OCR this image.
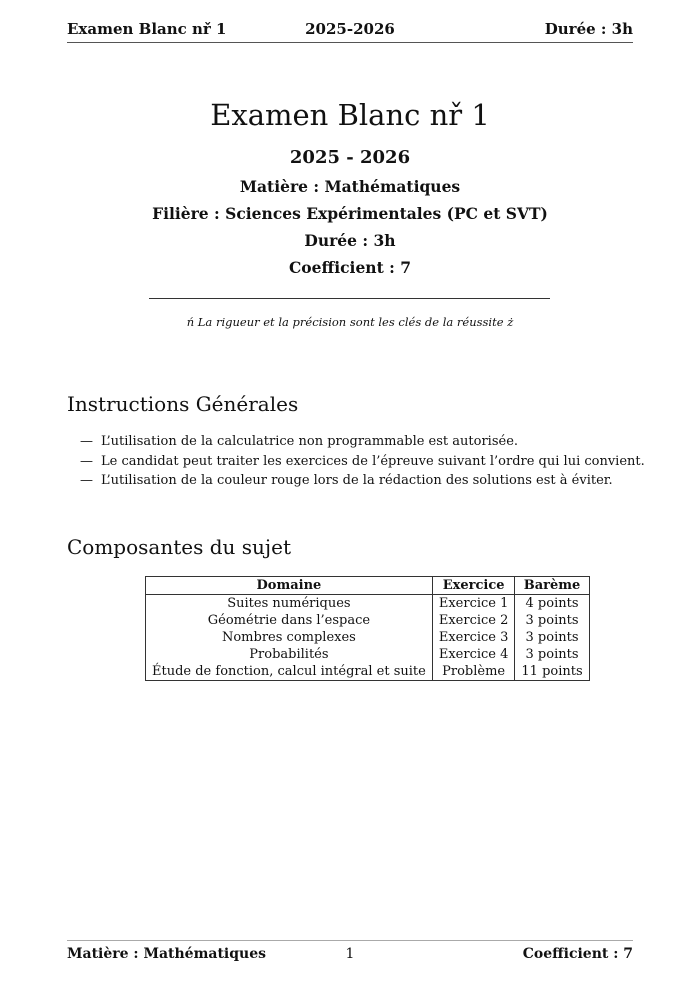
Examen Blanc nř 1	2025-2026	Durée : 3h
Examen Blanc nř 1
2025 - 2026
Matière : Mathématiques
Filière : Sciences Expérimentales (PC et SVT)
Durée : 3h
Coefficient : 7
ń La rigueur et la précision sont les clés de la réussite ż
Instructions Générales
— L’utilisation de la calculatrice non programmable est autorisée.
— Le candidat peut traiter les exercices de l’épreuve suivant l’ordre qui lui convient.
— L’utilisation de la couleur rouge lors de la rédaction des solutions est à éviter.
Composantes du sujet
Domaine	Exercice	Barème
Suites numériques	Exercice 1	4 points
Géométrie dans l’espace	Exercice 2	3 points
Nombres complexes	Exercice 3	3 points
Probabilités	Exercice 4	3 points
Étude de fonction, calcul intégral et suite	Problème	11 points
Matière : Mathématiques	1	Coefficient : 7
